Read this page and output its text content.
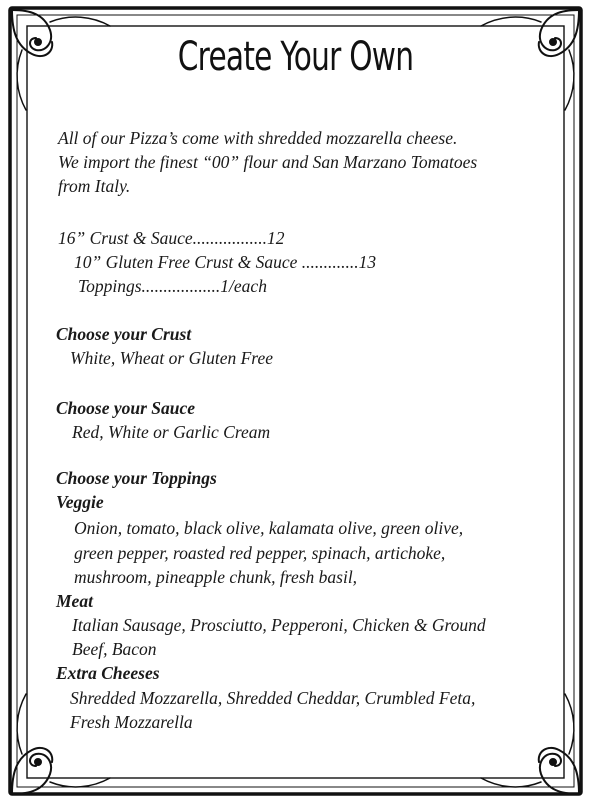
Create Your Own
All of our Pizza’s come with shredded mozzarella cheese.
We import the finest “00” flour and San Marzano Tomatoes
from Italy.
16” Crust & Sauce.................12
10” Gluten Free Crust & Sauce .............13
Toppings..................1/each
Choose your Crust
White, Wheat or Gluten Free
Choose your Sauce
Red, White or Garlic Cream
Choose your Toppings
Veggie
Onion, tomato, black olive, kalamata olive, green olive,
green pepper, roasted red pepper, spinach, artichoke,
mushroom, pineapple chunk, fresh basil,
Meat
Italian Sausage, Prosciutto, Pepperoni, Chicken & Ground
Beef, Bacon
Extra Cheeses
Shredded Mozzarella, Shredded Cheddar, Crumbled Feta,
Fresh Mozzarella
